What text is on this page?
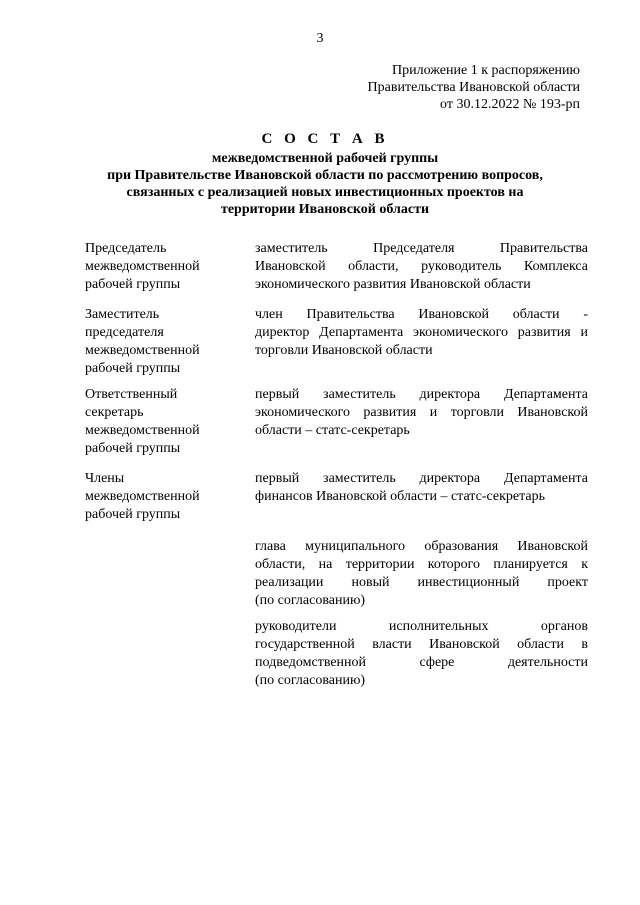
3
Приложение 1 к распоряжению
Правительства Ивановской области
от 30.12.2022 № 193-рп
С О С Т А В
межведомственной рабочей группы
при Правительстве Ивановской области по рассмотрению вопросов,
связанных с реализацией новых инвестиционных проектов на
территории Ивановской области
Председатель
межведомственной
рабочей группы
заместитель Председателя Правительства
Ивановской области, руководитель Комплекса
экономического развития Ивановской области
Заместитель
председателя
межведомственной
рабочей группы
член Правительства Ивановской области -
директор Департамента экономического развития и
торговли Ивановской области
Ответственный
секретарь
межведомственной
рабочей группы
первый заместитель директора Департамента
экономического развития и торговли Ивановской
области – статс-секретарь
Члены
межведомственной
рабочей группы
первый заместитель директора Департамента
финансов Ивановской области – статс-секретарь
глава муниципального образования Ивановской
области, на территории которого планируется к
реализации новый инвестиционный проект
(по согласованию)
руководители исполнительных органов
государственной власти Ивановской области в
подведомственной сфере деятельности
(по согласованию)
